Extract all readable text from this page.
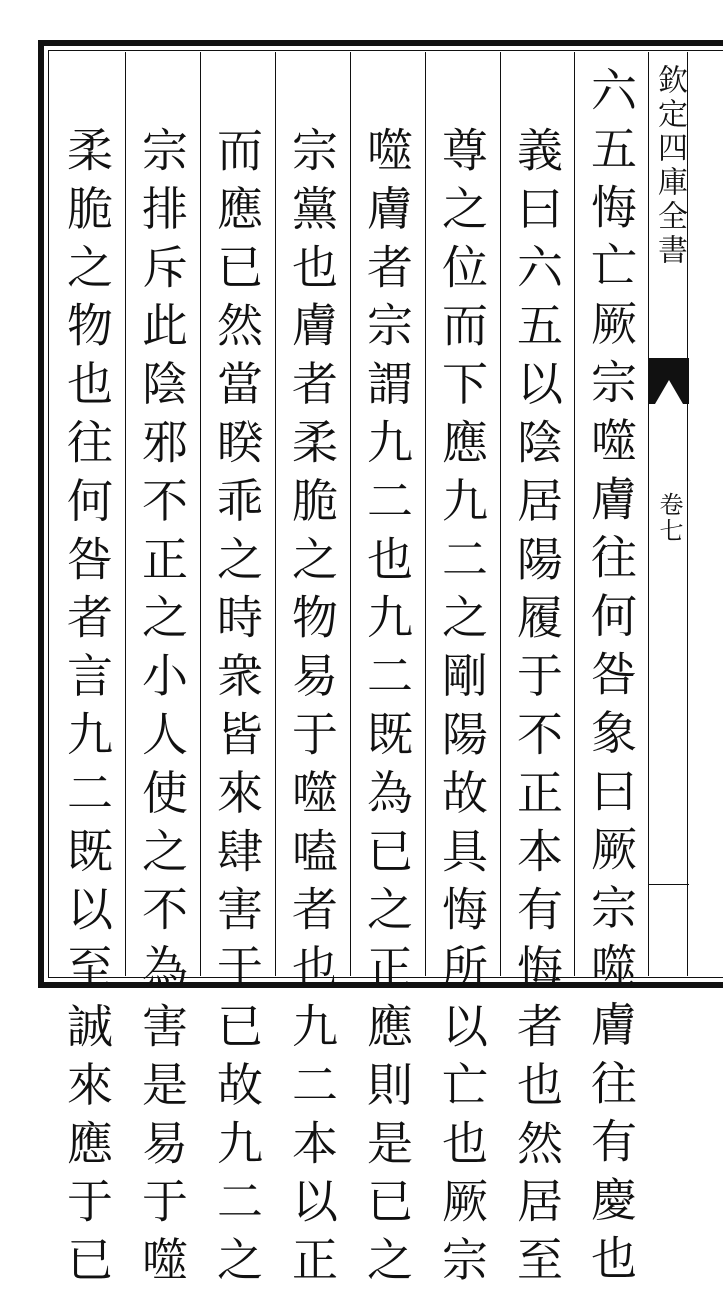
欽定四庫全書
卷七
六五悔亡厥宗噬膚往何咎象曰厥宗噬膚往有慶也
義曰六五以陰居陽履于不正本有悔者也然居至
尊之位而下應九二之剛陽故具悔所以亡也厥宗
噬膚者宗謂九二也九二既為已之正應則是已之
宗黨也膚者柔脆之物易于噬嗑者也九二本以正
而應已然當睽乖之時衆皆來肆害于已故九二之
宗排斥此陰邪不正之小人使之不為害是易于噬
柔脆之物也往何咎者言九二既以至誠來應于已
